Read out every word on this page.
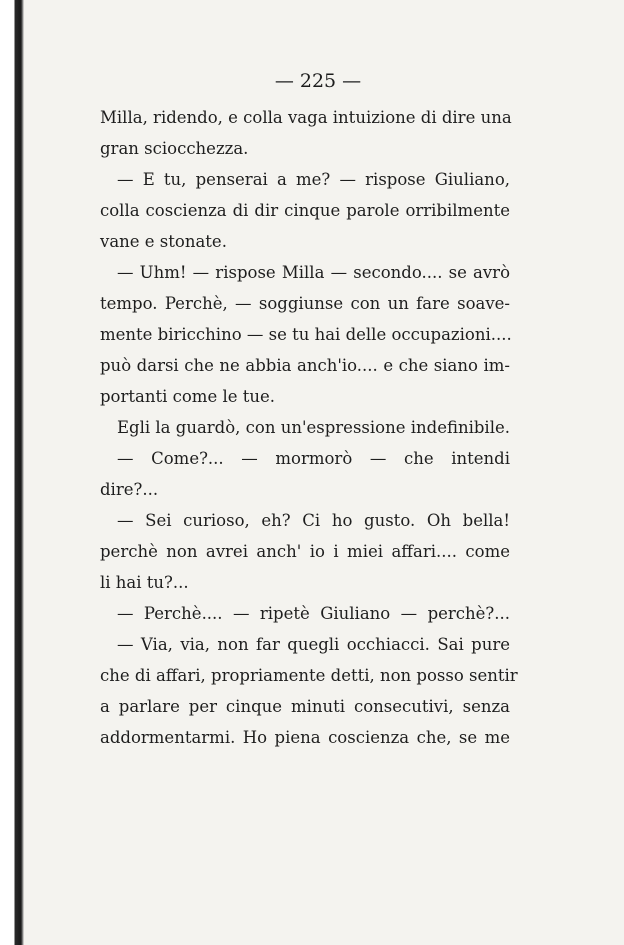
— 225 —
Milla, ridendo, e colla vaga intuizione di dire una
gran sciocchezza.
— E tu, penserai a me? — rispose Giuliano,
colla coscienza di dir cinque parole orribilmente
vane e stonate.
— Uhm! — rispose Milla — secondo.... se avrò
tempo. Perchè, — soggiunse con un fare soave-
mente biricchino — se tu hai delle occupazioni....
può darsi che ne abbia anch'io.... e che siano im-
portanti come le tue.
Egli la guardò, con un'espressione indefinibile.
— Come?... — mormorò — che intendi
dire?...
— Sei curioso, eh? Ci ho gusto. Oh bella!
perchè non avrei anch' io i miei affari.... come
li hai tu?...
— Perchè.... — ripetè Giuliano — perchè?...
— Via, via, non far quegli occhiacci. Sai pure
che di affari, propriamente detti, non posso sentir
a parlare per cinque minuti consecutivi, senza
addormentarmi. Ho piena coscienza che, se me
